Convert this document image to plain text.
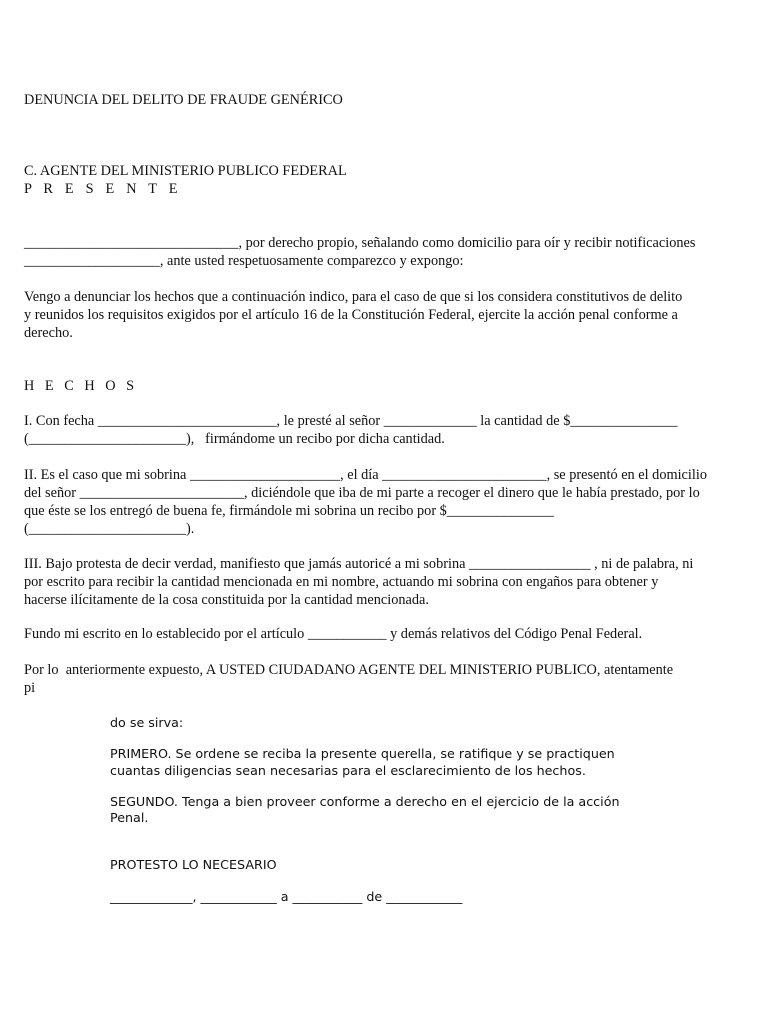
DENUNCIA DEL DELITO DE FRAUDE GENÉRICO
C. AGENTE DEL MINISTERIO PUBLICO FEDERAL
P R E S E N T E
______________________________, por derecho propio, señalando como domicilio para oír y recibir notificaciones
___________________, ante usted respetuosamente comparezco y expongo:
Vengo a denunciar los hechos que a continuación indico, para el caso de que si los considera constitutivos de delito
y reunidos los requisitos exigidos por el artículo 16 de la Constitución Federal, ejercite la acción penal conforme a
derecho.
H E C H O S
I. Con fecha _________________________, le presté al señor _____________ la cantidad de $_______________
(______________________),   firmándome un recibo por dicha cantidad.
II. Es el caso que mi sobrina _____________________, el día _______________________, se presentó en el domicilio
del señor _______________________, diciéndole que iba de mi parte a recoger el dinero que le había prestado, por lo
que éste se los entregó de buena fe, firmándole mi sobrina un recibo por $_______________
(______________________).
III. Bajo protesta de decir verdad, manifiesto que jamás autoricé a mi sobrina _________________ , ni de palabra, ni
por escrito para recibir la cantidad mencionada en mi nombre, actuando mi sobrina con engaños para obtener y
hacerse ilícitamente de la cosa constituida por la cantidad mencionada.
Fundo mi escrito en lo establecido por el artículo ___________ y demás relativos del Código Penal Federal.
Por lo  anteriormente expuesto, A USTED CIUDADANO AGENTE DEL MINISTERIO PUBLICO, atentamente
pi
do se sirva:
PRIMERO. Se ordene se reciba la presente querella, se ratifique y se practiquen
cuantas diligencias sean necesarias para el esclarecimiento de los hechos.
SEGUNDO. Tenga a bien proveer conforme a derecho en el ejercicio de la acción
Penal.
PROTESTO LO NECESARIO
_____________, ____________ a ___________ de ____________
